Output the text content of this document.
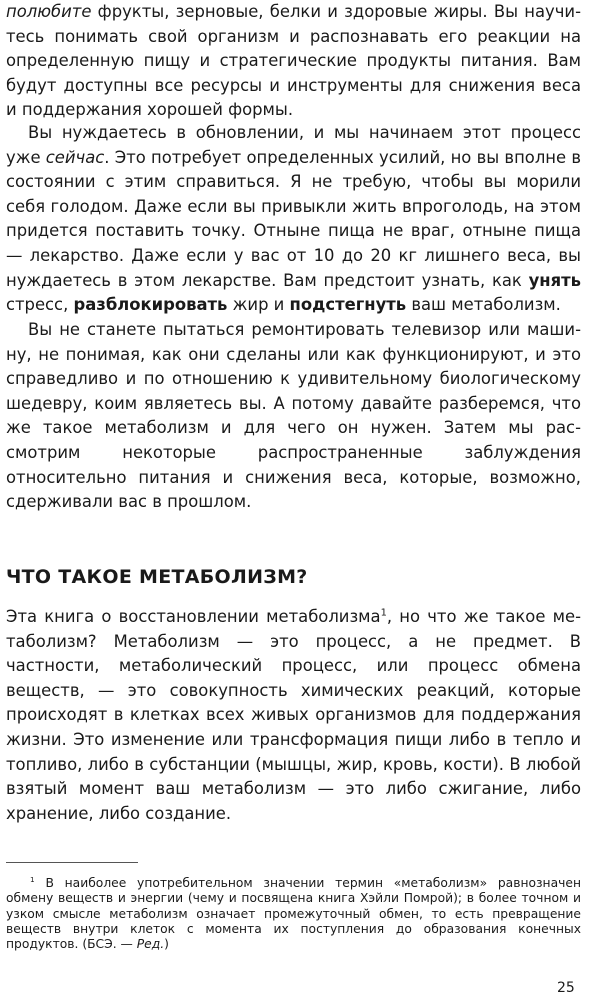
полюбите фрукты, зерновые, белки и здоровые жиры. Вы научитесь понимать свой организм и распознавать его реакции на определенную пищу и стратегические продукты питания. Вам будут доступны все ресурсы и инструменты для снижения веса и поддержания хорошей формы.

Вы нуждаетесь в обновлении, и мы начинаем этот процесс уже сейчас. Это потребует определенных усилий, но вы вполне в состоянии с этим справиться. Я не требую, чтобы вы морили себя голодом. Даже если вы привыкли жить впроголодь, на этом придется поставить точку. Отныне пища не враг, отныне пища — лекарство. Даже если у вас от 10 до 20 кг лишнего веса, вы нуждаетесь в этом лекарстве. Вам предстоит узнать, как унять стресс, разблокировать жир и подстегнуть ваш метаболизм.

Вы не станете пытаться ремонтировать телевизор или машину, не понимая, как они сделаны или как функционируют, и это справедливо и по отношению к удивительному биологическому шедевру, коим являетесь вы. А потому давайте разберемся, что же такое метаболизм и для чего он нужен. Затем мы рассмотрим некоторые распространенные заблуждения относительно питания и снижения веса, которые, возможно, сдерживали вас в прошлом.

ЧТО ТАКОЕ МЕТАБОЛИЗМ?

Эта книга о восстановлении метаболизма$^1$, но что же такое метаболизм? Метаболизм — это процесс, а не предмет. В частности, метаболический процесс, или процесс обмена веществ, — это совокупность химических реакций, которые происходят в клетках всех живых организмов для поддержания жизни. Это изменение или трансформация пищи либо в тепло и топливо, либо в субстанции (мышцы, жир, кровь, кости). В любой взятый момент ваш метаболизм — это либо сжигание, либо хранение, либо создание.

$^1$ В наиболее употребительном значении термин «метаболизм» равнозначен обмену веществ и энергии (чему и посвящена книга Хэйли Помрой); в более точном и узком смысле метаболизм означает промежуточный обмен, то есть превращение веществ внутри клеток с момента их поступления до образования конечных продуктов. (БСЭ. — Ред.)
25
